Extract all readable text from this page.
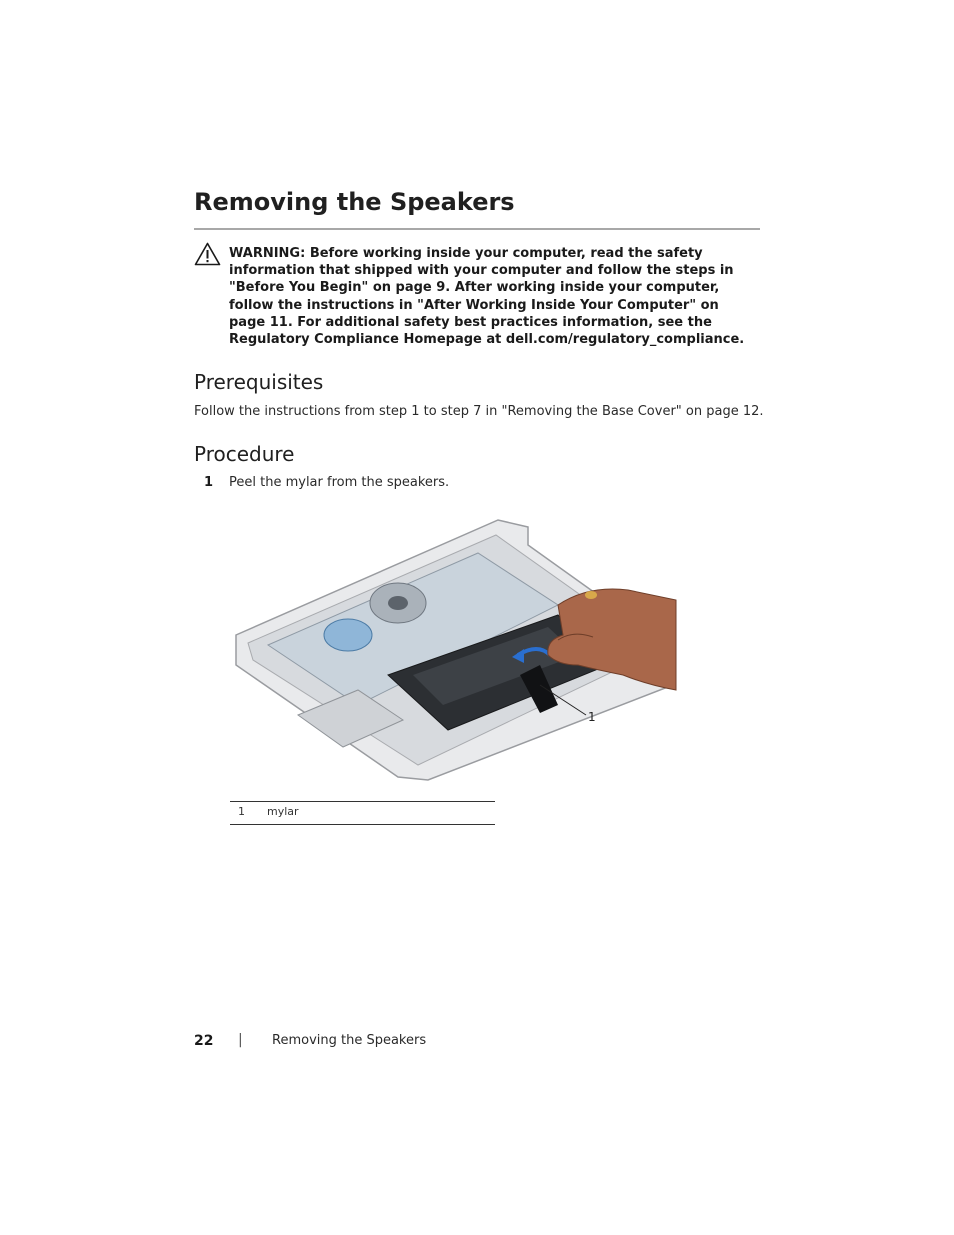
Removing the Speakers

WARNING: Before working inside your computer, read the safety information that shipped with your computer and follow the steps in "Before You Begin" on page 9. After working inside your computer, follow the instructions in "After Working Inside Your Computer" on page 11. For additional safety best practices information, see the Regulatory Compliance Homepage at dell.com/regulatory_compliance.

Prerequisites

Follow the instructions from step 1 to step 7 in "Removing the Base Cover" on page 12.

Procedure
1 Peel the mylar from the speakers.
1
1 mylar
22 | Removing the Speakers
